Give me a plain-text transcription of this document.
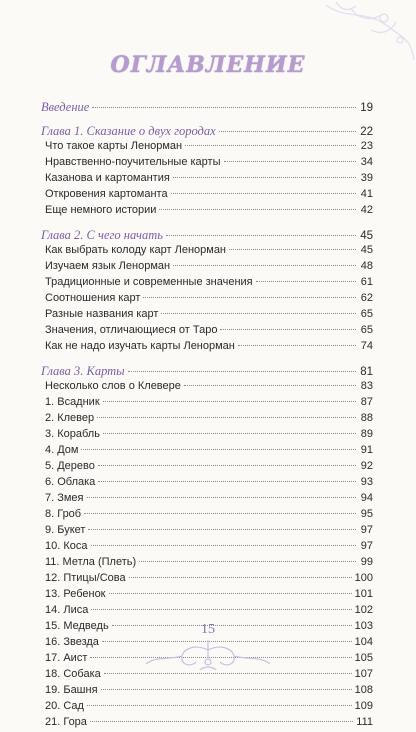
ОГЛАВЛЕНИЕ
Введение	19
Глава 1. Сказание о двух городах	22
Что такое карты Ленорман	23
Нравственно-поучительные карты	34
Казанова и картомантия	39
Откровения картоманта	41
Еще немного истории	42
Глава 2. С чего начать	45
Как выбрать колоду карт Ленорман	45
Изучаем язык Ленорман	48
Традиционные и современные значения	61
Соотношения карт	62
Разные названия карт	65
Значения, отличающиеся от Таро	65
Как не надо изучать карты Ленорман	74
Глава 3. Карты	81
Несколько слов о Клевере	83
1. Всадник	87
2. Клевер	88
3. Корабль	89
4. Дом	91
5. Дерево	92
6. Облака	93
7. Змея	94
8. Гроб	95
9. Букет	97
10. Коса	97
11. Метла (Плеть)	99
12. Птицы/Сова	100
13. Ребенок	101
14. Лиса	102
15. Медведь	103
16. Звезда	104
17. Аист	105
18. Собака	107
19. Башня	108
20. Сад	109
21. Гора	111
15
